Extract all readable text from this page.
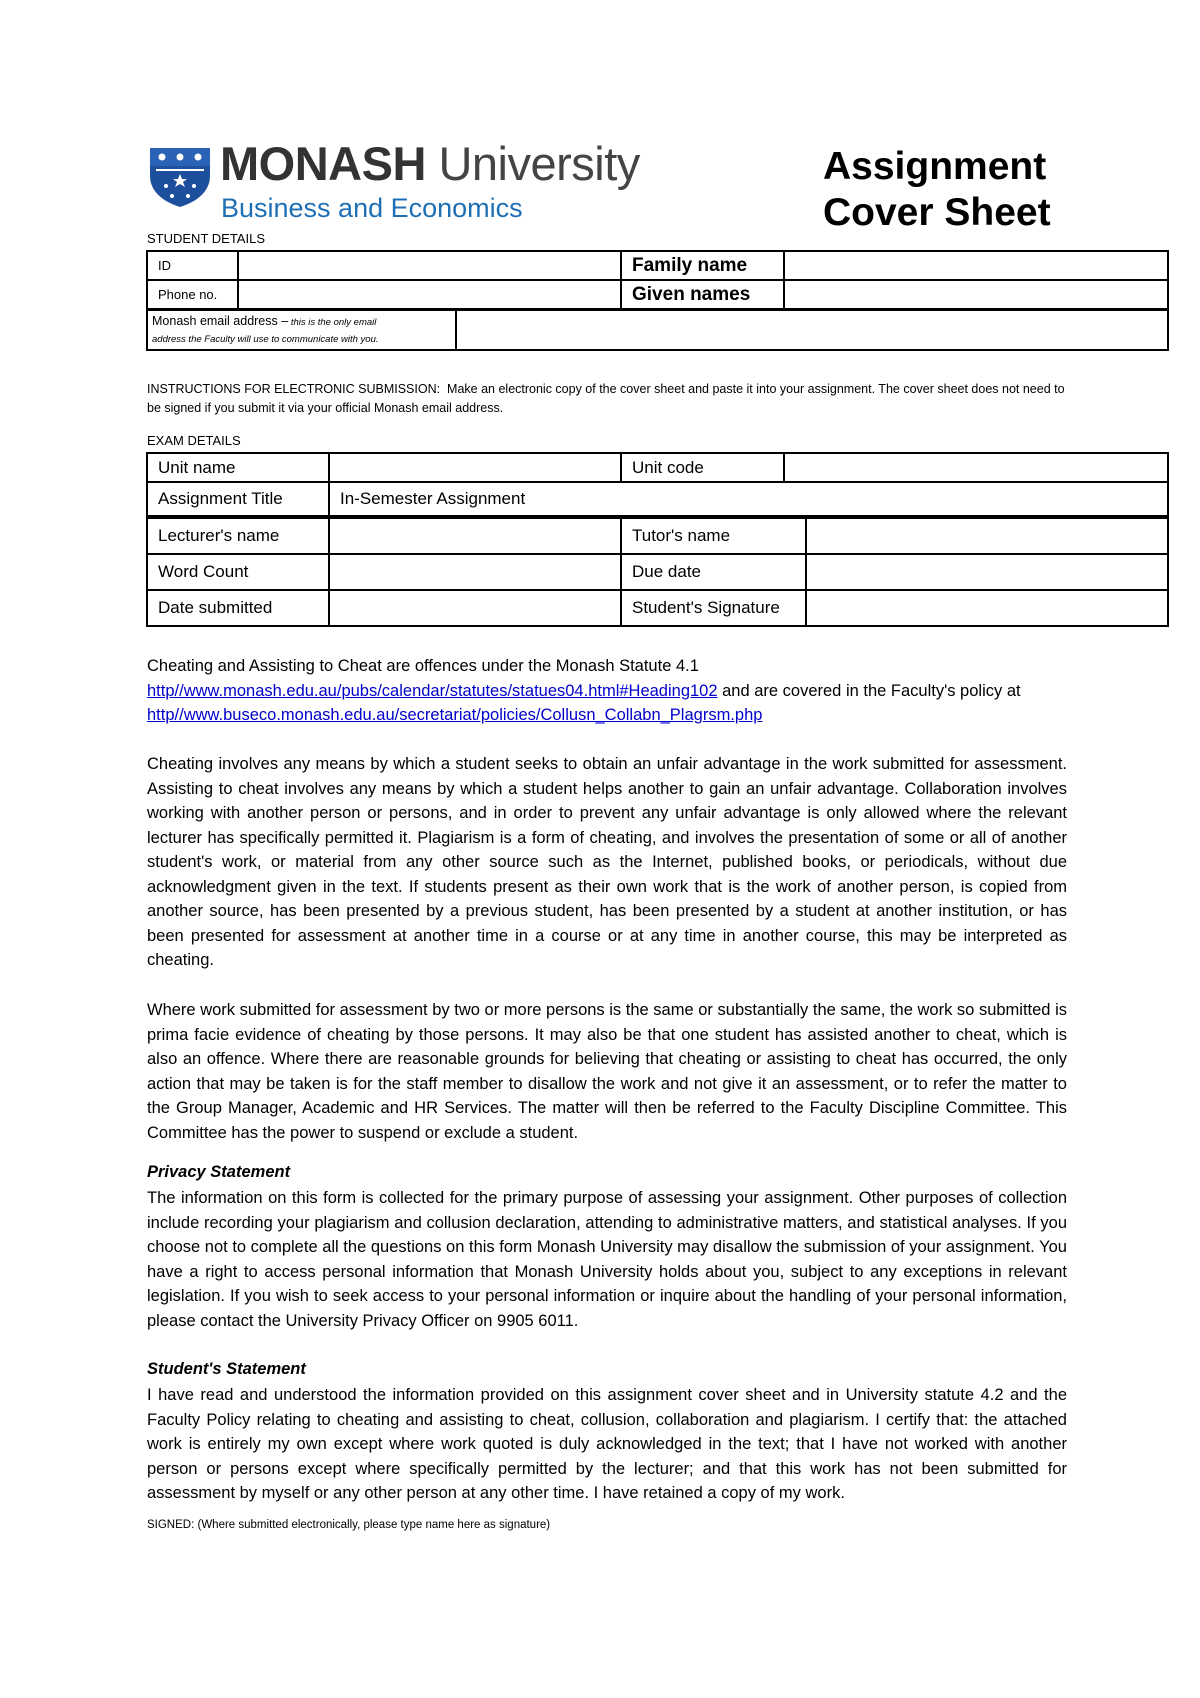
MONASH University
Business and Economics
Assignment
Cover Sheet
STUDENT DETAILS
ID		Family name	
Phone no.		Given names	
Monash email address – this is the only email
address the Faculty will use to communicate with you.	
INSTRUCTIONS FOR ELECTRONIC SUBMISSION: Make an electronic copy of the cover sheet and paste it into your assignment. The cover sheet does not need to be signed if you submit it via your official Monash email address.
EXAM DETAILS
Unit name		Unit code	
Assignment Title	In-Semester Assignment		
Lecturer's name		Tutor's name	
Word Count		Due date	
Date submitted		Student's Signature	
Cheating and Assisting to Cheat are offences under the Monash Statute 4.1
http//www.monash.edu.au/pubs/calendar/statutes/statues04.html#Heading102 and are covered in the Faculty's policy at
http//www.buseco.monash.edu.au/secretariat/policies/Collusn_Collabn_Plagrsm.php
Cheating involves any means by which a student seeks to obtain an unfair advantage in the work submitted for assessment. Assisting to cheat involves any means by which a student helps another to gain an unfair advantage. Collaboration involves working with another person or persons, and in order to prevent any unfair advantage is only allowed where the relevant lecturer has specifically permitted it. Plagiarism is a form of cheating, and involves the presentation of some or all of another student's work, or material from any other source such as the Internet, published books, or periodicals, without due acknowledgment given in the text. If students present as their own work that is the work of another person, is copied from another source, has been presented by a previous student, has been presented by a student at another institution, or has been presented for assessment at another time in a course or at any time in another course, this may be interpreted as cheating.
Where work submitted for assessment by two or more persons is the same or substantially the same, the work so submitted is prima facie evidence of cheating by those persons. It may also be that one student has assisted another to cheat, which is also an offence. Where there are reasonable grounds for believing that cheating or assisting to cheat has occurred, the only action that may be taken is for the staff member to disallow the work and not give it an assessment, or to refer the matter to the Group Manager, Academic and HR Services. The matter will then be referred to the Faculty Discipline Committee. This Committee has the power to suspend or exclude a student.
Privacy Statement
The information on this form is collected for the primary purpose of assessing your assignment. Other purposes of collection include recording your plagiarism and collusion declaration, attending to administrative matters, and statistical analyses. If you choose not to complete all the questions on this form Monash University may disallow the submission of your assignment. You have a right to access personal information that Monash University holds about you, subject to any exceptions in relevant legislation. If you wish to seek access to your personal information or inquire about the handling of your personal information, please contact the University Privacy Officer on 9905 6011.
Student's Statement
I have read and understood the information provided on this assignment cover sheet and in University statute 4.2 and the Faculty Policy relating to cheating and assisting to cheat, collusion, collaboration and plagiarism. I certify that: the attached work is entirely my own except where work quoted is duly acknowledged in the text; that I have not worked with another person or persons except where specifically permitted by the lecturer; and that this work has not been submitted for assessment by myself or any other person at any other time. I have retained a copy of my work.
SIGNED: (Where submitted electronically, please type name here as signature)
